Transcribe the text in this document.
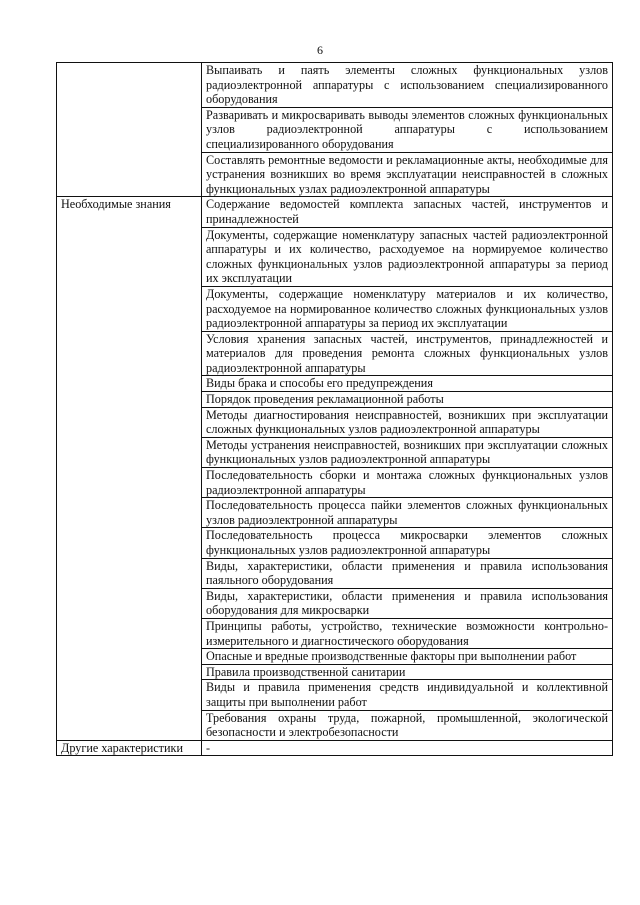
6
	Выпаивать и паять элементы сложных функциональных узлов радиоэлектронной аппаратуры с использованием специализированного оборудования
	Разваривать и микросваривать выводы элементов сложных функциональных узлов радиоэлектронной аппаратуры с использованием специализированного оборудования
	Составлять ремонтные ведомости и рекламационные акты, необходимые для устранения возникших во время эксплуатации неисправностей в сложных функциональных узлах радиоэлектронной аппаратуры
Необходимые знания	Содержание ведомостей комплекта запасных частей, инструментов и принадлежностей
	Документы, содержащие номенклатуру запасных частей радиоэлектронной аппаратуры и их количество, расходуемое на нормируемое количество сложных функциональных узлов радиоэлектронной аппаратуры за период их эксплуатации
	Документы, содержащие номенклатуру материалов и их количество, расходуемое на нормированное количество сложных функциональных узлов радиоэлектронной аппаратуры за период их эксплуатации
	Условия хранения запасных частей, инструментов, принадлежностей и материалов для проведения ремонта сложных функциональных узлов радиоэлектронной аппаратуры
	Виды брака и способы его предупреждения
	Порядок проведения рекламационной работы
	Методы диагностирования неисправностей, возникших при эксплуатации сложных функциональных узлов радиоэлектронной аппаратуры
	Методы устранения неисправностей, возникших при эксплуатации сложных функциональных узлов радиоэлектронной аппаратуры
	Последовательность сборки и монтажа сложных функциональных узлов радиоэлектронной аппаратуры
	Последовательность процесса пайки элементов сложных функциональных узлов радиоэлектронной аппаратуры
	Последовательность процесса микросварки элементов сложных функциональных узлов радиоэлектронной аппаратуры
	Виды, характеристики, области применения и правила использования паяльного оборудования
	Виды, характеристики, области применения и правила использования оборудования для микросварки
	Принципы работы, устройство, технические возможности контрольно-измерительного и диагностического оборудования
	Опасные и вредные производственные факторы при выполнении работ
	Правила производственной санитарии
	Виды и правила применения средств индивидуальной и коллективной защиты при выполнении работ
	Требования охраны труда, пожарной, промышленной, экологической безопасности и электробезопасности
Другие характеристики	-
